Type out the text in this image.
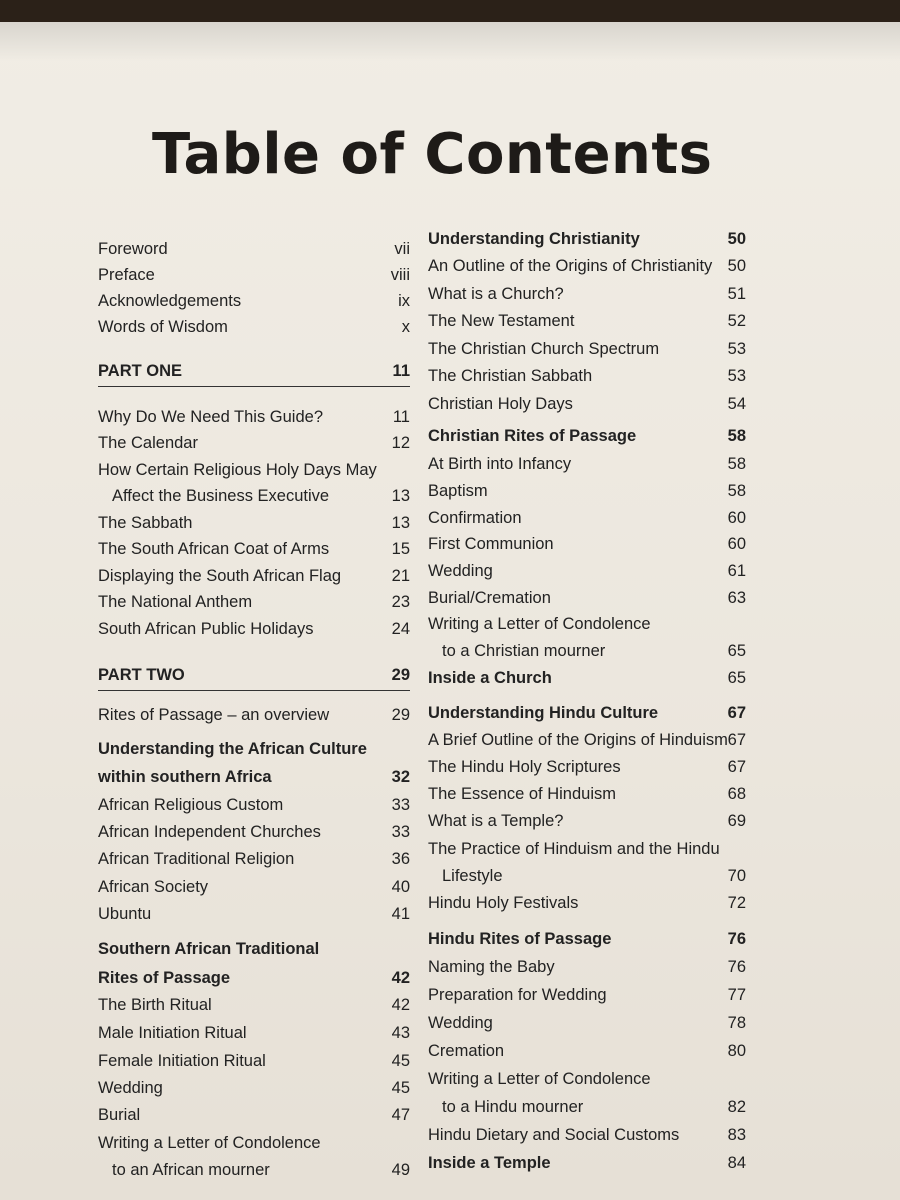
Table of Contents
Foreword	vii
Preface	viii
Acknowledgements	ix
Words of Wisdom	x
PART ONE	11
Why Do We Need This Guide?	11
The Calendar	12
How Certain Religious Holy Days May
Affect the Business Executive	13
The Sabbath	13
The South African Coat of Arms	15
Displaying the South African Flag	21
The National Anthem	23
South African Public Holidays	24
PART TWO	29
Rites of Passage – an overview	29
Understanding the African Culture
within southern Africa	32
African Religious Custom	33
African Independent Churches	33
African Traditional Religion	36
African Society	40
Ubuntu	41
Southern African Traditional
Rites of Passage	42
The Birth Ritual	42
Male Initiation Ritual	43
Female Initiation Ritual	45
Wedding	45
Burial	47
Writing a Letter of Condolence
to an African mourner	49
Understanding Christianity	50
An Outline of the Origins of Christianity 50
What is a Church?	51
The New Testament	52
The Christian Church Spectrum	53
The Christian Sabbath	53
Christian Holy Days	54
Christian Rites of Passage	58
At Birth into Infancy	58
Baptism	58
Confirmation	60
First Communion	60
Wedding	61
Burial/Cremation	63
Writing a Letter of Condolence
to a Christian mourner	65
Inside a Church	65
Understanding Hindu Culture	67
A Brief Outline of the Origins of Hinduism 67
The Hindu Holy Scriptures	67
The Essence of Hinduism	68
What is a Temple?	69
The Practice of Hinduism and the Hindu
Lifestyle	70
Hindu Holy Festivals	72
Hindu Rites of Passage	76
Naming the Baby	76
Preparation for Wedding	77
Wedding	78
Cremation	80
Writing a Letter of Condolence
to a Hindu mourner	82
Hindu Dietary and Social Customs	83
Inside a Temple	84
